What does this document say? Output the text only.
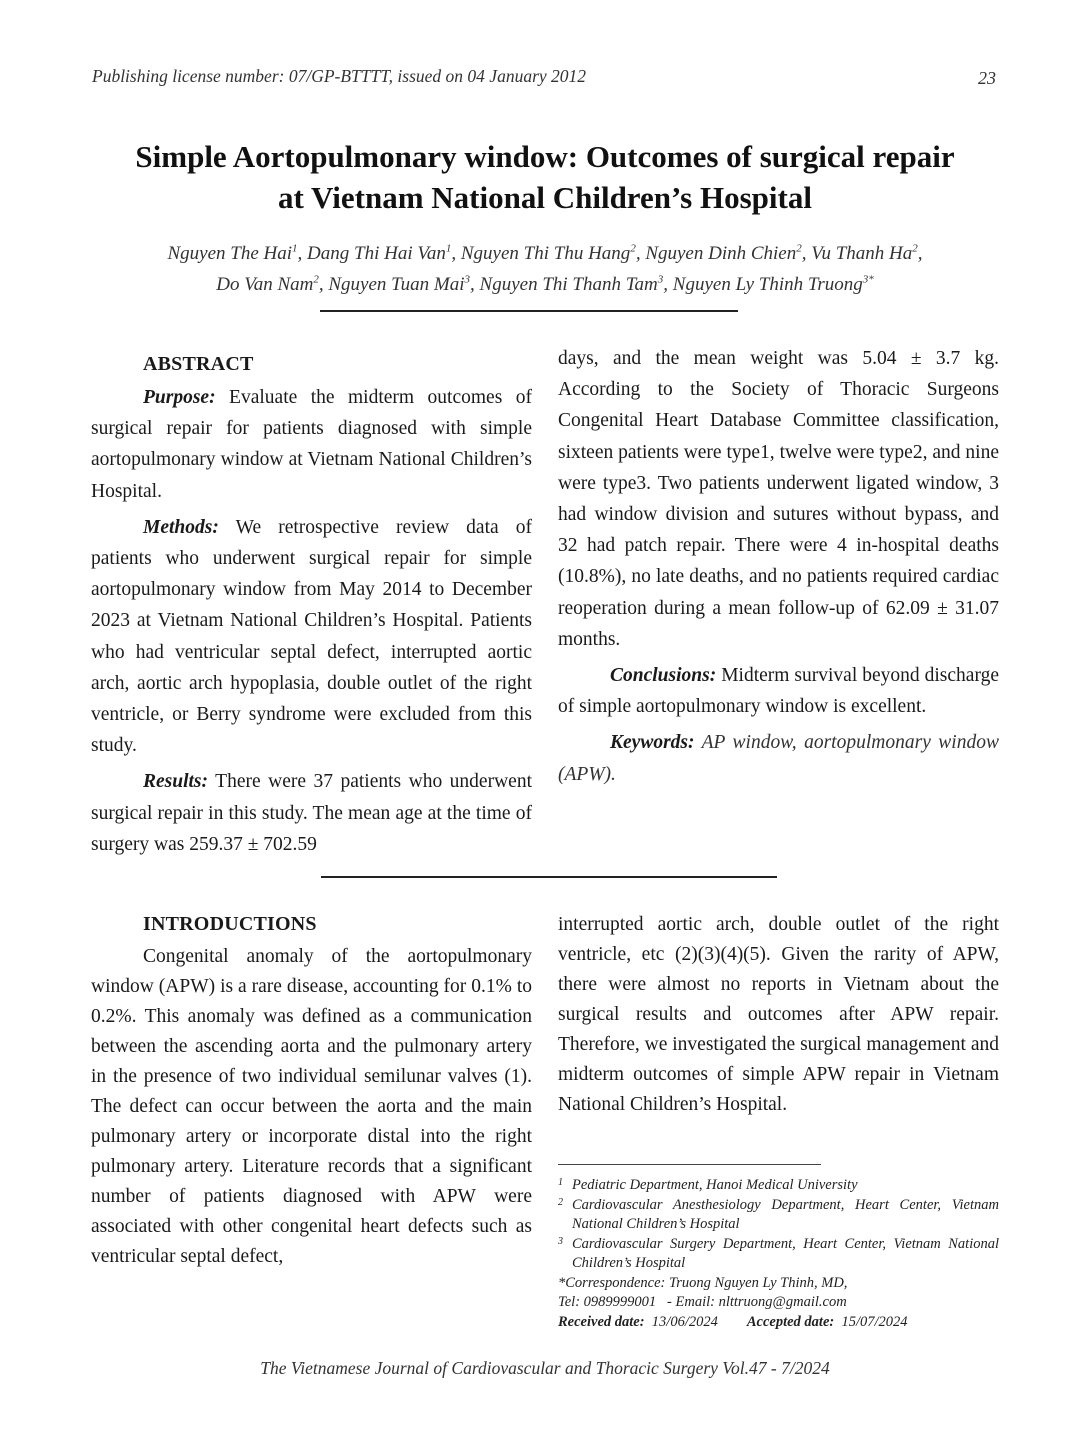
Publishing license number: 07/GP-BTTTT, issued on 04 January 2012	23
Simple Aortopulmonary window: Outcomes of surgical repair
at Vietnam National Children’s Hospital
Nguyen The Hai$^1$, Dang Thi Hai Van$^1$, Nguyen Thi Thu Hang$^2$, Nguyen Dinh Chien$^2$, Vu Thanh Ha$^2$,
Do Van Nam$^2$, Nguyen Tuan Mai$^3$, Nguyen Thi Thanh Tam$^3$, Nguyen Ly Thinh Truong$^{3*}$
ABSTRACT

Purpose: Evaluate the midterm outcomes of surgical repair for patients diagnosed with simple aortopulmonary window at Vietnam National Children’s Hospital.

Methods: We retrospective review data of patients who underwent surgical repair for simple aortopulmonary window from May 2014 to December 2023 at Vietnam National Children’s Hospital. Patients who had ventricular septal defect, interrupted aortic arch, aortic arch hypoplasia, double outlet of the right ventricle, or Berry syndrome were excluded from this study.

Results: There were 37 patients who underwent surgical repair in this study. The mean age at the time of surgery was 259.37 ± 702.59

days, and the mean weight was 5.04 ± 3.7 kg. According to the Society of Thoracic Surgeons Congenital Heart Database Committee classification, sixteen patients were type1, twelve were type2, and nine were type3. Two patients underwent ligated window, 3 had window division and sutures without bypass, and 32 had patch repair. There were 4 in-hospital deaths (10.8%), no late deaths, and no patients required cardiac reoperation during a mean follow-up of 62.09 ± 31.07 months.

Conclusions: Midterm survival beyond discharge of simple aortopulmonary window is excellent.

Keywords: AP window, aortopulmonary window (APW).

INTRODUCTIONS

Congenital anomaly of the aortopulmonary window (APW) is a rare disease, accounting for 0.1% to 0.2%. This anomaly was defined as a communication between the ascending aorta and the pulmonary artery in the presence of two individual semilunar valves (1). The defect can occur between the aorta and the main pulmonary artery or incorporate distal into the right pulmonary artery. Literature records that a significant number of patients diagnosed with APW were associated with other congenital heart defects such as ventricular septal defect,

interrupted aortic arch, double outlet of the right ventricle, etc (2)(3)(4)(5). Given the rarity of APW, there were almost no reports in Vietnam about the surgical results and outcomes after APW repair. Therefore, we investigated the surgical management and midterm outcomes of simple APW repair in Vietnam National Children’s Hospital.

1 Pediatric Department, Hanoi Medical University
2 Cardiovascular Anesthesiology Department, Heart Center, Vietnam National Children’s Hospital
3 Cardiovascular Surgery Department, Heart Center, Vietnam National Children’s Hospital
*Correspondence: Truong Nguyen Ly Thinh, MD,
Tel: 0989999001 - Email: nlttruong@gmail.com
Received date: 13/06/2024 Accepted date: 15/07/2024
The Vietnamese Journal of Cardiovascular and Thoracic Surgery Vol.47 - 7/2024
